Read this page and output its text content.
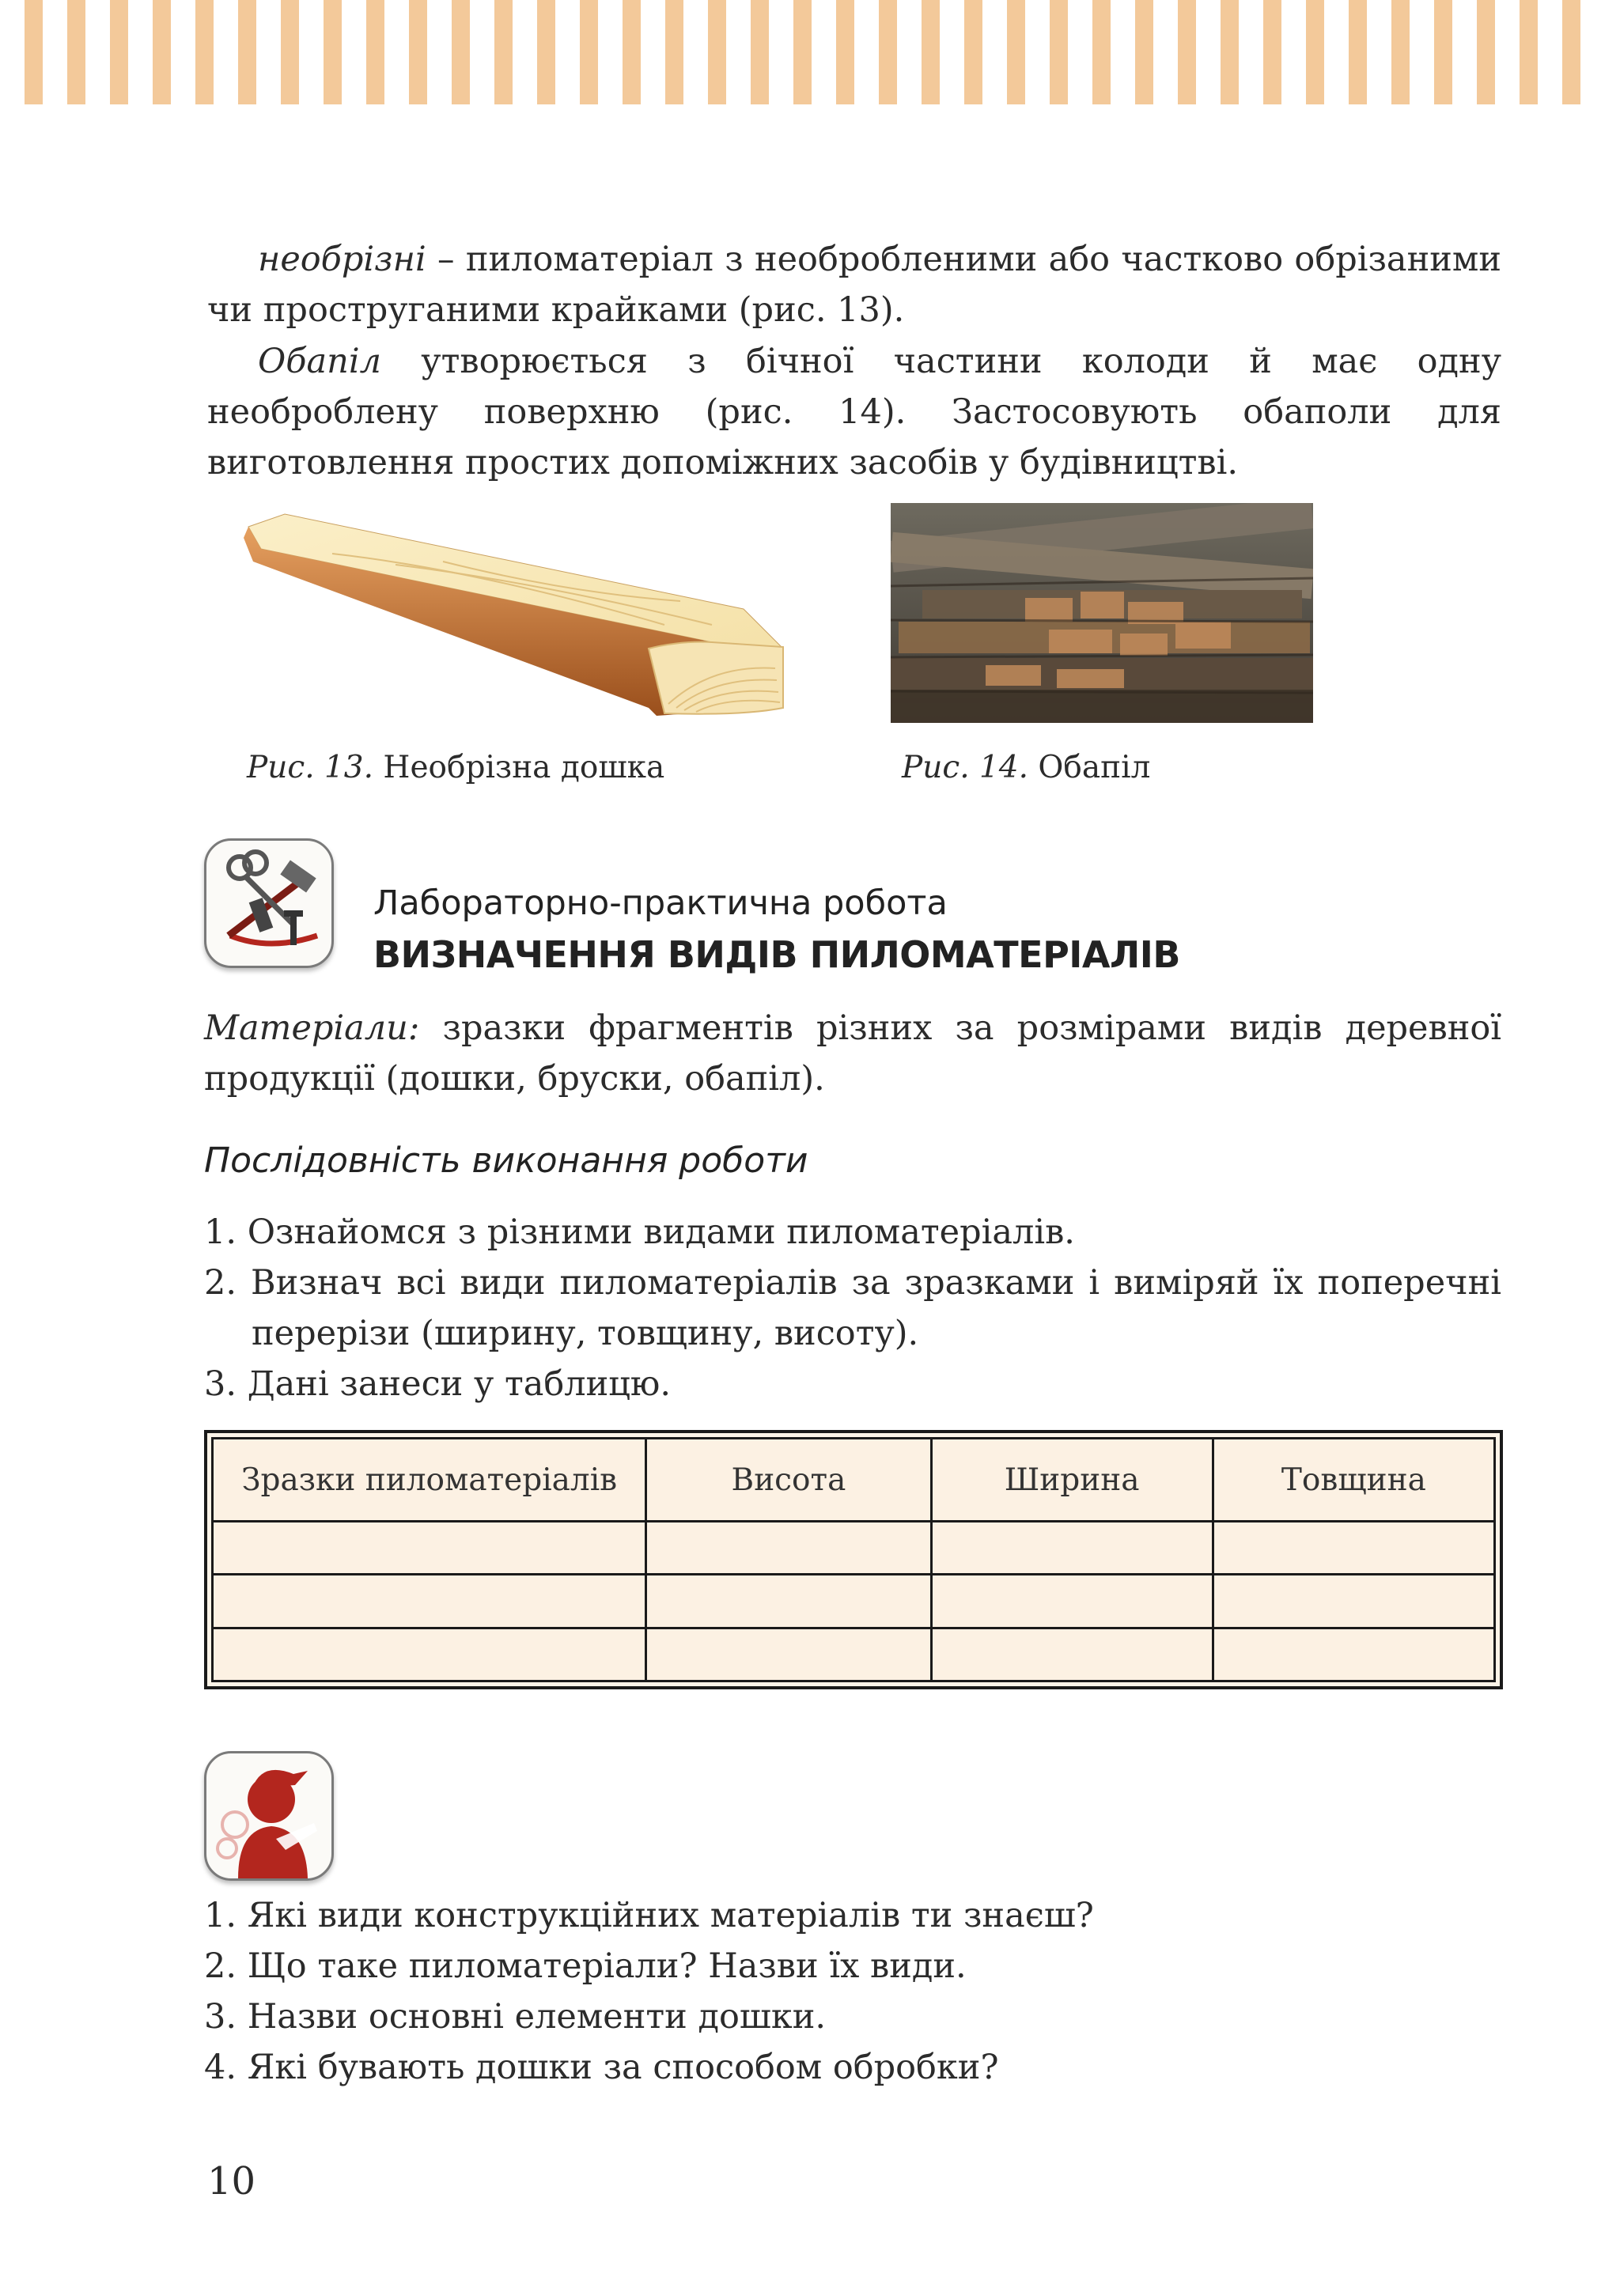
необрізні – пиломатеріал з необробленими або частково обрізаними чи проструганими крайками (рис. 13).

Обапіл утворюється з бічної частини колоди й має одну необроблену поверхню (рис. 14). Застосовують обаполи для виготовлення простих допоміжних засобів у будівництві.

Рис. 13. Необрізна дошка	Рис. 14. Обапіл
Лабораторно-практична робота
ВИЗНАЧЕННЯ ВИДІВ ПИЛОМАТЕРІАЛІВ

Матеріали: зразки фрагментів різних за розмірами видів деревної продукції (дошки, бруски, обапіл).

Послідовність виконання роботи
1. Ознайомся з різними видами пиломатеріалів.
2. Визнач всі види пиломатеріалів за зразками і виміряй їх поперечні перерізи (ширину, товщину, висоту).
3. Дані занеси у таблицю.
Зразки пиломатеріалів	Висота	Ширина	Товщина

1. Які види конструкційних матеріалів ти знаєш?
2. Що таке пиломатеріали? Назви їх види.
3. Назви основні елементи дошки.
4. Які бувають дошки за способом обробки?
10
